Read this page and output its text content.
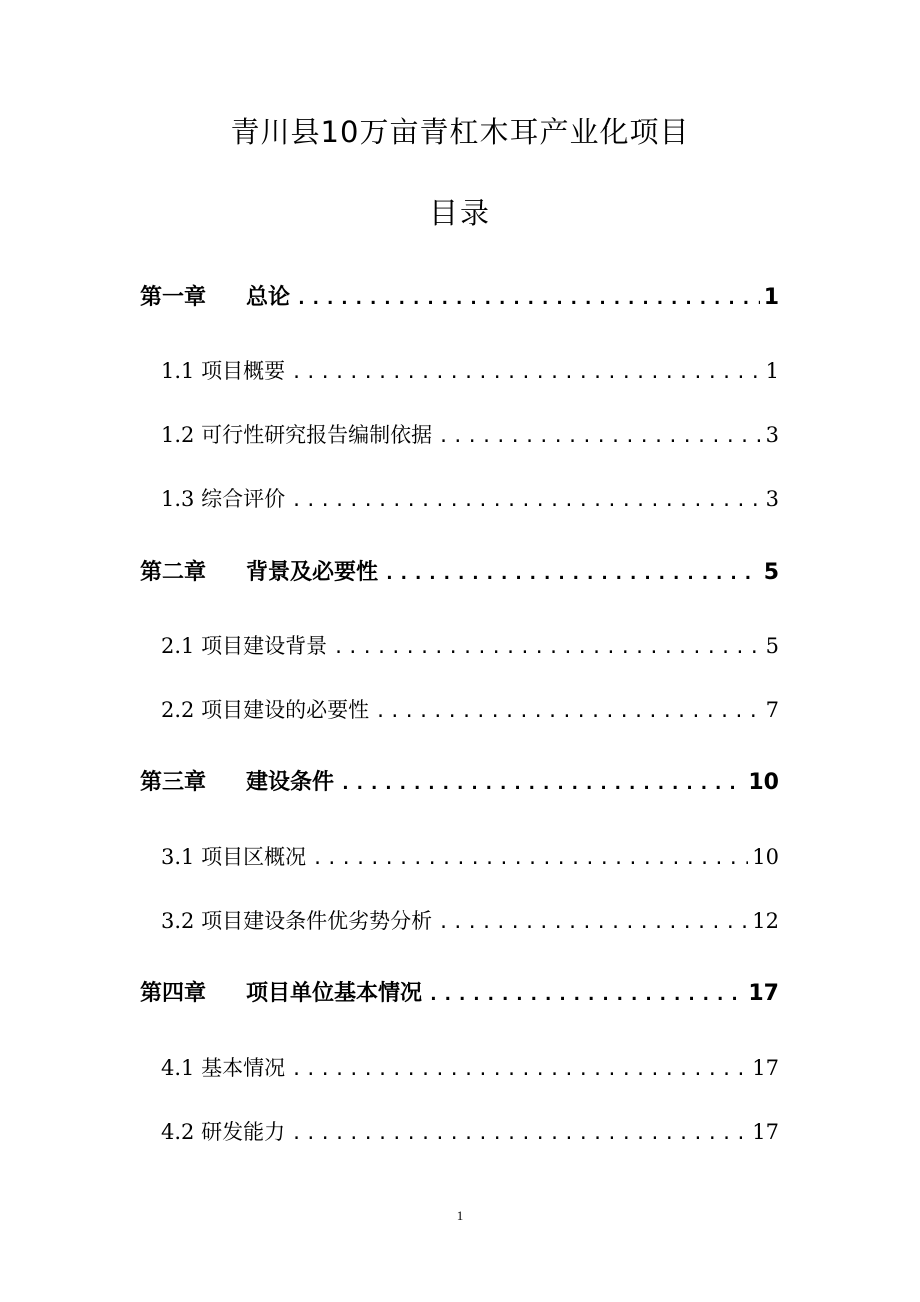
青川县10万亩青杠木耳产业化项目
目录
第一章 总论 .....	1
1.1 项目概要 .....	1
1.2 可行性研究报告编制依据 .....	3
1.3 综合评价 .....	3
第二章 背景及必要性 .....	5
2.1 项目建设背景 .....	5
2.2 项目建设的必要性 .....	7
第三章 建设条件 .....	10
3.1 项目区概况 .....	10
3.2 项目建设条件优劣势分析 .....	12
第四章 项目单位基本情况 .....	17
4.1 基本情况 .....	17
4.2 研发能力 .....	17
1
